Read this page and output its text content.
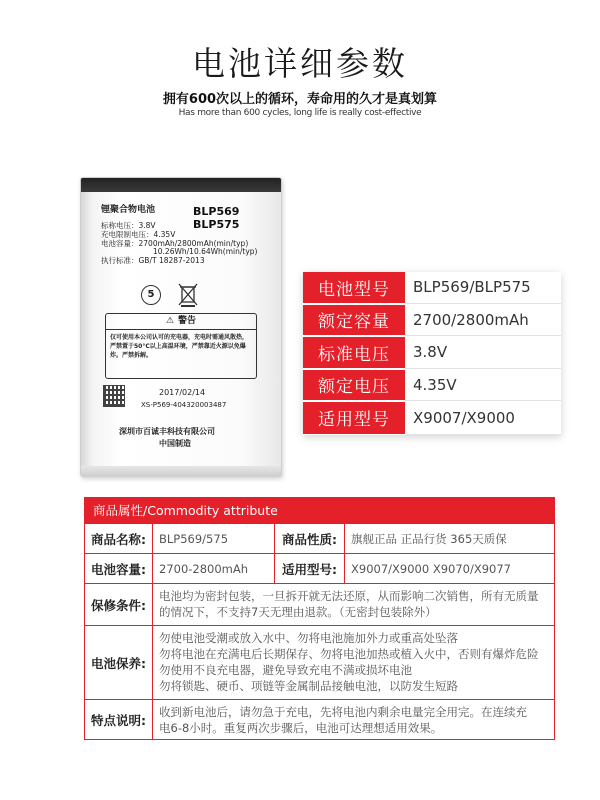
电池详细参数
拥有600次以上的循环，寿命用的久才是真划算
Has more than 600 cycles, long life is really cost-effective
锂聚合物电池	BLP569
BLP575
标称电压：3.8V
充电限制电压：4.35V
电池容量：2700mAh/2800mAh(min/typ)
10.26Wh/10.64Wh(min/typ)
执行标准：GB/T 18287-2013
5
⚠ 警告
仅可使用本公司认可的充电器，充电时需通风散热，严禁置于50°C以上高温环境，严禁靠近火源以免爆炸。严禁拆解。
2017/02/14
XS-P569-404320003487
深圳市百诚丰科技有限公司
中国制造
电池型号	BLP569/BLP575
额定容量	2700/2800mAh
标准电压	3.8V
额定电压	4.35V
适用型号	X9007/X9000
商品属性/Commodity attribute
商品名称:	BLP569/575	商品性质:	旗舰正品 正品行货 365天质保
电池容量:	2700-2800mAh	适用型号:	X9007/X9000 X9070/X9077
保修条件:
电池均为密封包装，一旦拆开就无法还原，从而影响二次销售，所有无质量
的情况下，不支持7天无理由退款。（无密封包装除外）
电池保养:
勿使电池受潮或放入水中、勿将电池施加外力或重高处坠落
勿将电池在充满电后长期保存、勿将电池加热或植入火中，否则有爆炸危险
勿使用不良充电器，避免导致充电不满或损坏电池
勿将锁匙、硬币、项链等金属制品接触电池，以防发生短路
特点说明:
收到新电池后，请勿急于充电，先将电池内剩余电量完全用完。在连续充
电6-8小时。重复两次步骤后，电池可达理想适用效果。
